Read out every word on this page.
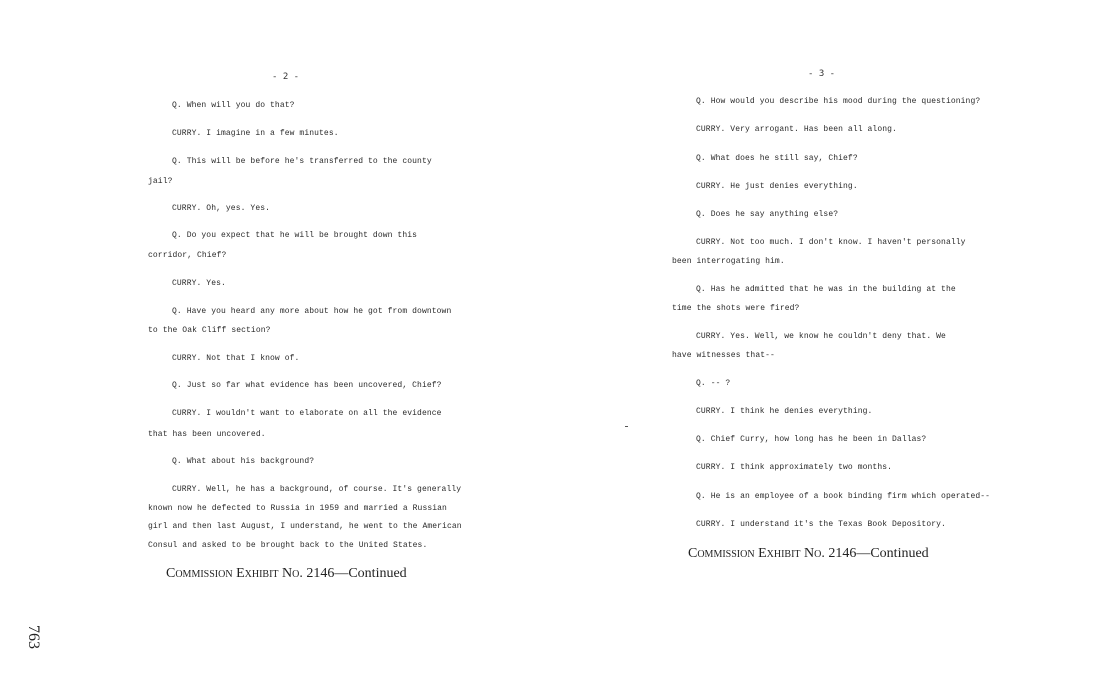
- 2 -
Q. When will you do that?
CURRY. I imagine in a few minutes.
Q. This will be before he's transferred to the county
jail?
CURRY. Oh, yes. Yes.
Q. Do you expect that he will be brought down this
corridor, Chief?
CURRY. Yes.
Q. Have you heard any more about how he got from downtown
to the Oak Cliff section?
CURRY. Not that I know of.
Q. Just so far what evidence has been uncovered, Chief?
CURRY. I wouldn't want to elaborate on all the evidence
that has been uncovered.
Q. What about his background?
CURRY. Well, he has a background, of course. It's generally
known now he defected to Russia in 1959 and married a Russian
girl and then last August, I understand, he went to the American
Consul and asked to be brought back to the United States.
Commission Exhibit No. 2146—Continued
- 3 -
Q. How would you describe his mood during the questioning?
CURRY. Very arrogant. Has been all along.
Q. What does he still say, Chief?
CURRY. He just denies everything.
Q. Does he say anything else?
CURRY. Not too much. I don't know. I haven't personally
been interrogating him.
Q. Has he admitted that he was in the building at the
time the shots were fired?
CURRY. Yes. Well, we know he couldn't deny that. We
have witnesses that--
Q. -- ?
CURRY. I think he denies everything.
Q. Chief Curry, how long has he been in Dallas?
CURRY. I think approximately two months.
Q. He is an employee of a book binding firm which operated--
CURRY. I understand it's the Texas Book Depository.
Commission Exhibit No. 2146—Continued
763
